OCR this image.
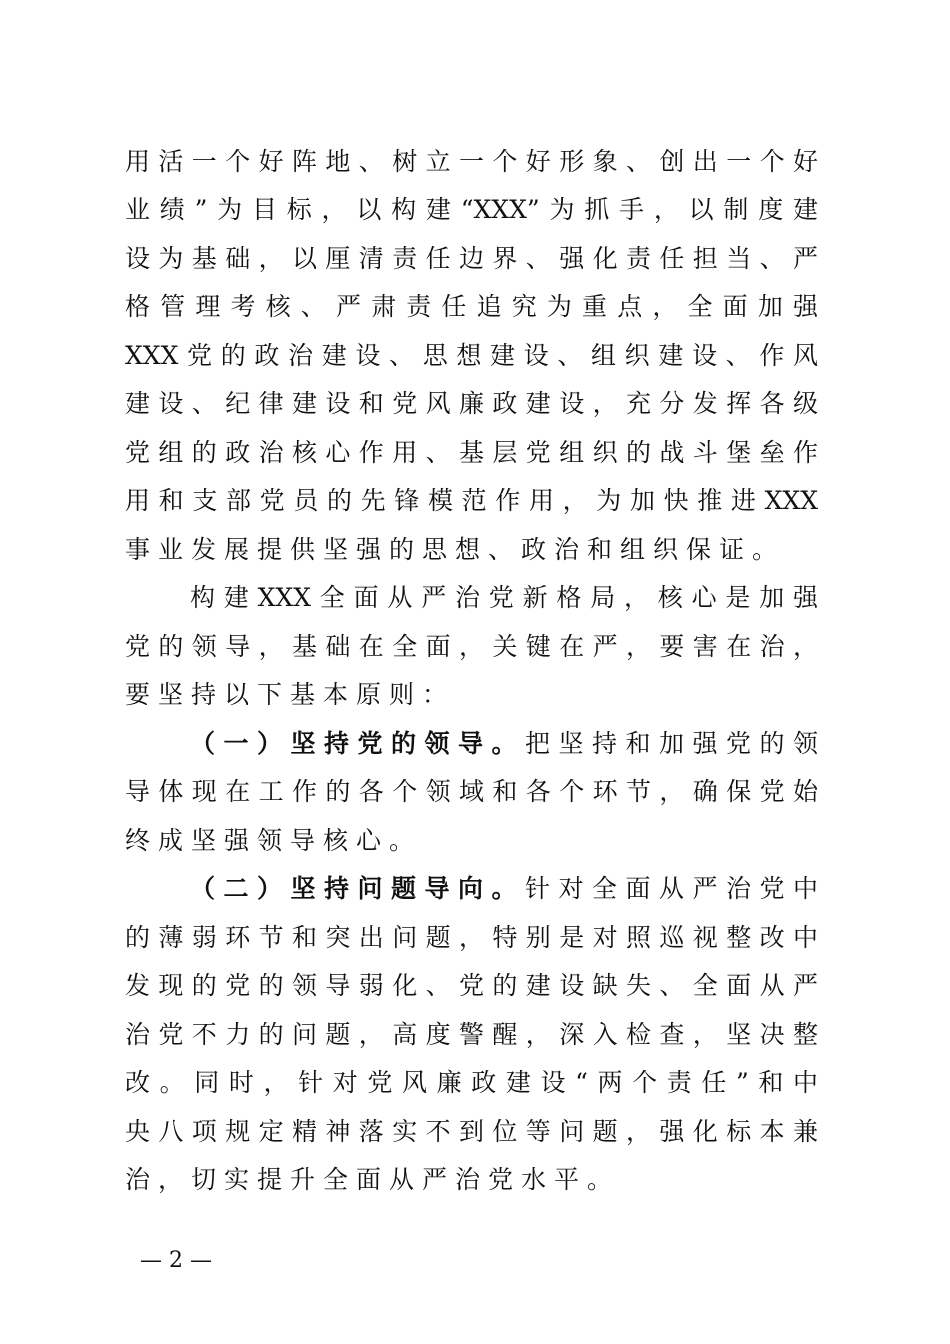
用活一个好阵地、树立一个好形象、创出一个好
业绩”为目标，以构建“XXX”为抓手，以制度建
设为基础，以厘清责任边界、强化责任担当、严
格管理考核、严肃责任追究为重点，全面加强
XXX党的政治建设、思想建设、组织建设、作风
建设、纪律建设和党风廉政建设，充分发挥各级
党组的政治核心作用、基层党组织的战斗堡垒作
用和支部党员的先锋模范作用，为加快推进XXX
事业发展提供坚强的思想、政治和组织保证。
构建XXX全面从严治党新格局，核心是加强
党的领导，基础在全面，关键在严，要害在治，
要坚持以下基本原则：
（一）坚持党的领导。把坚持和加强党的领
导体现在工作的各个领域和各个环节，确保党始
终成坚强领导核心。
（二）坚持问题导向。针对全面从严治党中
的薄弱环节和突出问题，特别是对照巡视整改中
发现的党的领导弱化、党的建设缺失、全面从严
治党不力的问题，高度警醒，深入检查，坚决整
改。同时，针对党风廉政建设“两个责任”和中
央八项规定精神落实不到位等问题，强化标本兼
治，切实提升全面从严治党水平。
— 2 —
